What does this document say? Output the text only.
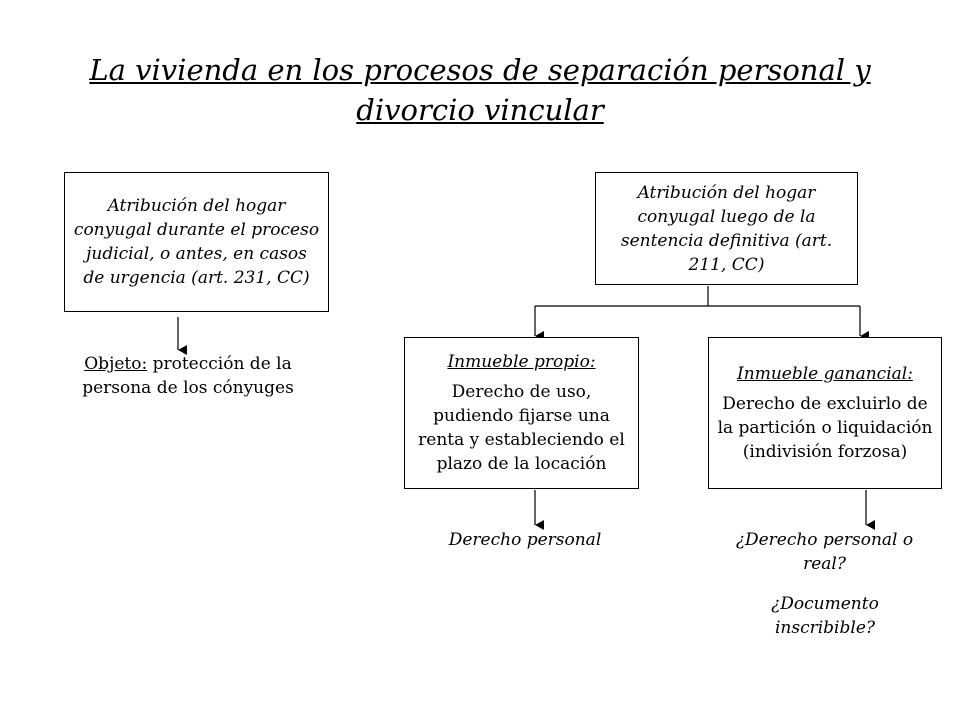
La vivienda en los procesos de separación personal y divorcio vincular
Atribución del hogar conyugal durante el proceso judicial, o antes, en casos de urgencia (art. 231, CC)
Objeto: protección de la persona de los cónyuges
Atribución del hogar conyugal luego de la sentencia definitiva (art. 211, CC)
Inmueble propio:
Derecho de uso, pudiendo fijarse una renta y estableciendo el plazo de la locación
Inmueble ganancial:
Derecho de excluirlo de la partición o liquidación (indivisión forzosa)
Derecho personal	¿Derecho personal o real?
¿Documento inscribible?
